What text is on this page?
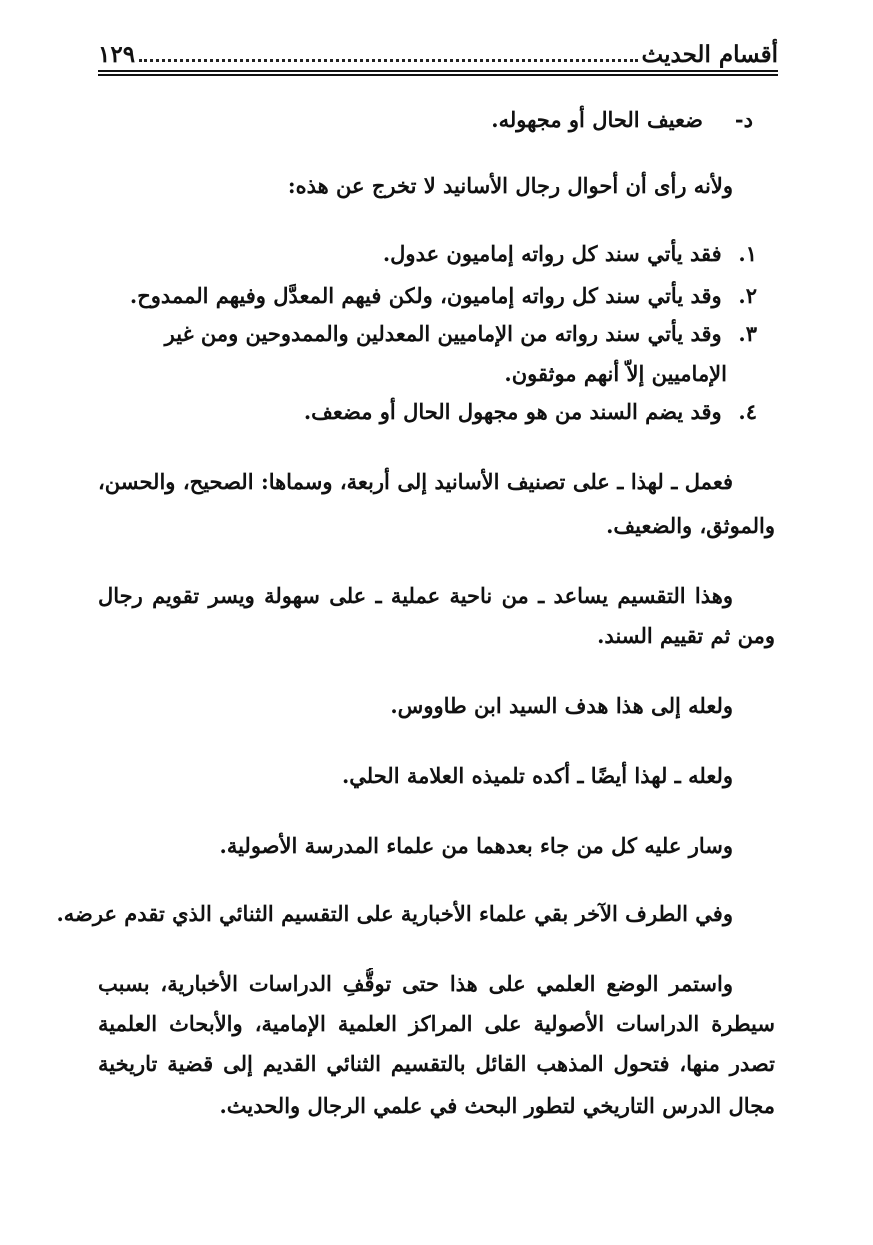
أقسام الحديث
١٢٩
د-ضعيف الحال أو مجهوله.
ولأنه رأى أن أحوال رجال الأسانيد لا تخرج عن هذه:
١. فقد يأتي سند كل رواته إماميون عدول.
٢. وقد يأتي سند كل رواته إماميون، ولكن فيهم المعدَّل وفيهم الممدوح.
٣. وقد يأتي سند رواته من الإماميين المعدلين والممدوحين ومن غير
الإماميين إلاّ أنهم موثقون.
٤. وقد يضم السند من هو مجهول الحال أو مضعف.
فعمل ـ لهذا ـ على تصنيف الأسانيد إلى أربعة، وسماها: الصحيح، والحسن،
والموثق، والضعيف.
وهذا التقسيم يساعد ـ من ناحية عملية ـ على سهولة ويسر تقويم رجال
ومن ثم تقييم السند.
ولعله إلى هذا هدف السيد ابن طاووس.
ولعله ـ لهذا أيضًا ـ أكده تلميذه العلامة الحلي.
وسار عليه كل من جاء بعدهما من علماء المدرسة الأصولية.
وفي الطرف الآخر بقي علماء الأخبارية على التقسيم الثنائي الذي تقدم عرضه.
واستمر الوضع العلمي على هذا حتى توقُّفِ الدراسات الأخبارية، بسبب
سيطرة الدراسات الأصولية على المراكز العلمية الإمامية، والأبحاث العلمية
تصدر منها، فتحول المذهب القائل بالتقسيم الثنائي القديم إلى قضية تاريخية
مجال الدرس التاريخي لتطور البحث في علمي الرجال والحديث.
